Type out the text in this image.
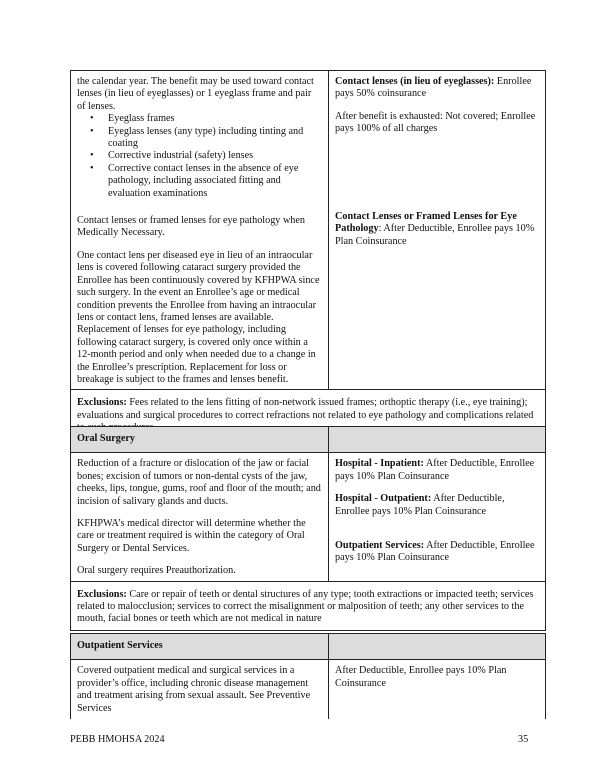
the calendar year. The benefit may be used toward contact lenses (in lieu of eyeglasses) or 1 eyeglass frame and pair of lenses.

• Eyeglass frames
• Eyeglass lenses (any type) including tinting and coating
• Corrective industrial (safety) lenses
• Corrective contact lenses in the absence of eye pathology, including associated fitting and evaluation examinations

Contact lenses (in lieu of eyeglasses): Enrollee pays 50% coinsurance

After benefit is exhausted: Not covered; Enrollee pays 100% of all charges

Contact lenses or framed lenses for eye pathology when Medically Necessary.

One contact lens per diseased eye in lieu of an intraocular lens is covered following cataract surgery provided the Enrollee has been continuously covered by KFHPWA since such surgery. In the event an Enrollee’s age or medical condition prevents the Enrollee from having an intraocular lens or contact lens, framed lenses are available. Replacement of lenses for eye pathology, including following cataract surgery, is covered only once within a 12-month period and only when needed due to a change in the Enrollee’s prescription. Replacement for loss or breakage is subject to the frames and lenses benefit.

Contact Lenses or Framed Lenses for Eye Pathology: After Deductible, Enrollee pays 10% Plan Coinsurance

Exclusions: Fees related to the lens fitting of non-network issued frames; orthoptic therapy (i.e., eye training); evaluations and surgical procedures to correct refractions not related to eye pathology and complications related

Oral Surgery

Reduction of a fracture or dislocation of the jaw or facial bones; excision of tumors or non-dental cysts of the jaw, cheeks, lips, tongue, gums, roof and floor of the mouth; and incision of salivary glands and ducts.

KFHPWA’s medical director will determine whether the care or treatment required is within the category of Oral Surgery or Dental Services.

Oral surgery requires Preauthorization.

Hospital - Inpatient: After Deductible, Enrollee pays 10% Plan Coinsurance

Hospital - Outpatient: After Deductible, Enrollee pays 10% Plan Coinsurance

Outpatient Services: After Deductible, Enrollee pays 10% Plan Coinsurance

Exclusions: Care or repair of teeth or dental structures of any type; tooth extractions or impacted teeth; services related to malocclusion; services to correct the misalignment or malposition of teeth; any other services to the mouth, facial bones or teeth which are not medical in nature

Outpatient Services

Covered outpatient medical and surgical services in a provider’s office, including chronic disease management and treatment arising from sexual assault. See Preventive Services

After Deductible, Enrollee pays 10% Plan Coinsurance

PEBB HMOHSA 2024	35
